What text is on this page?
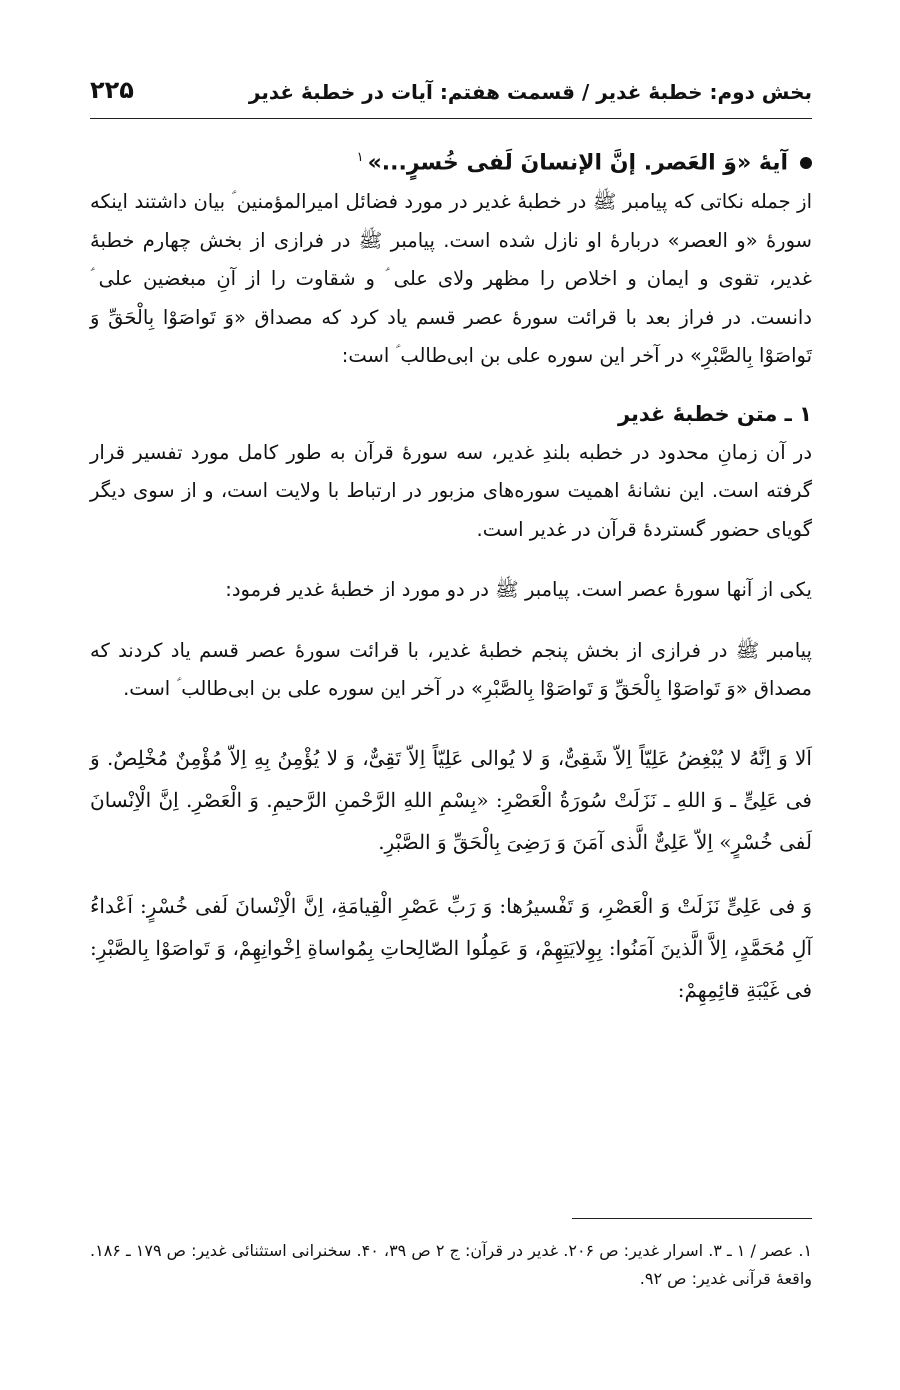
بخش دوم: خطبهٔ غدیر / قسمت هفتم: آیات در خطبهٔ غدیر
۲۲۵
آیهٔ «وَ العَصر. إنَّ الإنسانَ لَفی خُسرٍ...»$^۱$

از جمله نکاتی که پیامبر ﷺ در خطبهٔ غدیر در مورد فضائل امیرالمؤمنین ؑ بیان داشتند اینکه سورهٔ «و العصر» دربارهٔ او نازل شده است. پیامبر ﷺ در فرازی از بخش چهارم خطبهٔ غدیر، تقوی و ایمان و اخلاص را مظهر ولای علی ؑ و شقاوت را از آنِ مبغضین علی ؑ دانست. در فراز بعد با قرائت سورهٔ عصر قسم یاد کرد که مصداق «وَ تَواصَوْا بِالْحَقِّ وَ تَواصَوْا بِالصَّبْرِ» در آخر این سوره علی بن ابی‌طالب ؑ است:

۱ ـ متن خطبهٔ غدیر

در آن زمانِ محدود در خطبه بلندِ غدیر، سه سورهٔ قرآن به طور کامل مورد تفسیر قرار گرفته است. این نشانهٔ اهمیت سوره‌های مزبور در ارتباط با ولایت است، و از سوی دیگر گویای حضور گستردهٔ قرآن در غدیر است.

یکی از آنها سورهٔ عصر است. پیامبر ﷺ در دو مورد از خطبهٔ غدیر فرمود:

پیامبر ﷺ در فرازی از بخش پنجم خطبهٔ غدیر، با قرائت سورهٔ عصر قسم یاد کردند که مصداق «وَ تَواصَوْا بِالْحَقِّ وَ تَواصَوْا بِالصَّبْرِ» در آخر این سوره علی بن ابی‌طالب ؑ است.

اَلا وَ اِنَّهُ لا یُبْغِضُ عَلِیّاً اِلاّ شَقِیٌّ، وَ لا یُوالی عَلِیّاً اِلاّ تَقِیٌّ، وَ لا یُؤْمِنُ بِهِ اِلاّ مُؤْمِنٌ مُخْلِصٌ. وَ فی عَلِیٍّ ـ وَ اللهِ ـ نَزَلَتْ سُورَةُ الْعَصْرِ: «بِسْمِ اللهِ الرَّحْمنِ الرَّحیمِ. وَ الْعَصْرِ. اِنَّ الْاِنْسانَ لَفی خُسْرٍ» اِلاّ عَلِیٌّ الَّذی آمَنَ وَ رَضِیَ بِالْحَقِّ وَ الصَّبْرِ.

وَ فی عَلِیٍّ نَزَلَتْ وَ الْعَصْرِ، وَ تَفْسیرُها: وَ رَبِّ عَصْرِ الْقِیامَةِ، اِنَّ الْاِنْسانَ لَفی خُسْرٍ: اَعْداءُ آلِ مُحَمَّدٍ، اِلاَّ الَّذینَ آمَنُوا: بِوِلایَتِهِمْ، وَ عَمِلُوا الصّالِحاتِ بِمُواساةِ اِخْوانِهِمْ، وَ تَواصَوْا بِالصَّبْرِ: فی غَیْبَةِ قائِمِهِمْ:

۱. عصر / ۱ ـ ۳. اسرار غدیر: ص ۲۰۶. غدیر در قرآن: ج ۲ ص ۳۹، ۴۰. سخنرانی استثنائی غدیر: ص ۱۷۹ ـ ۱۸۶. واقعهٔ قرآنی غدیر: ص ۹۲.
